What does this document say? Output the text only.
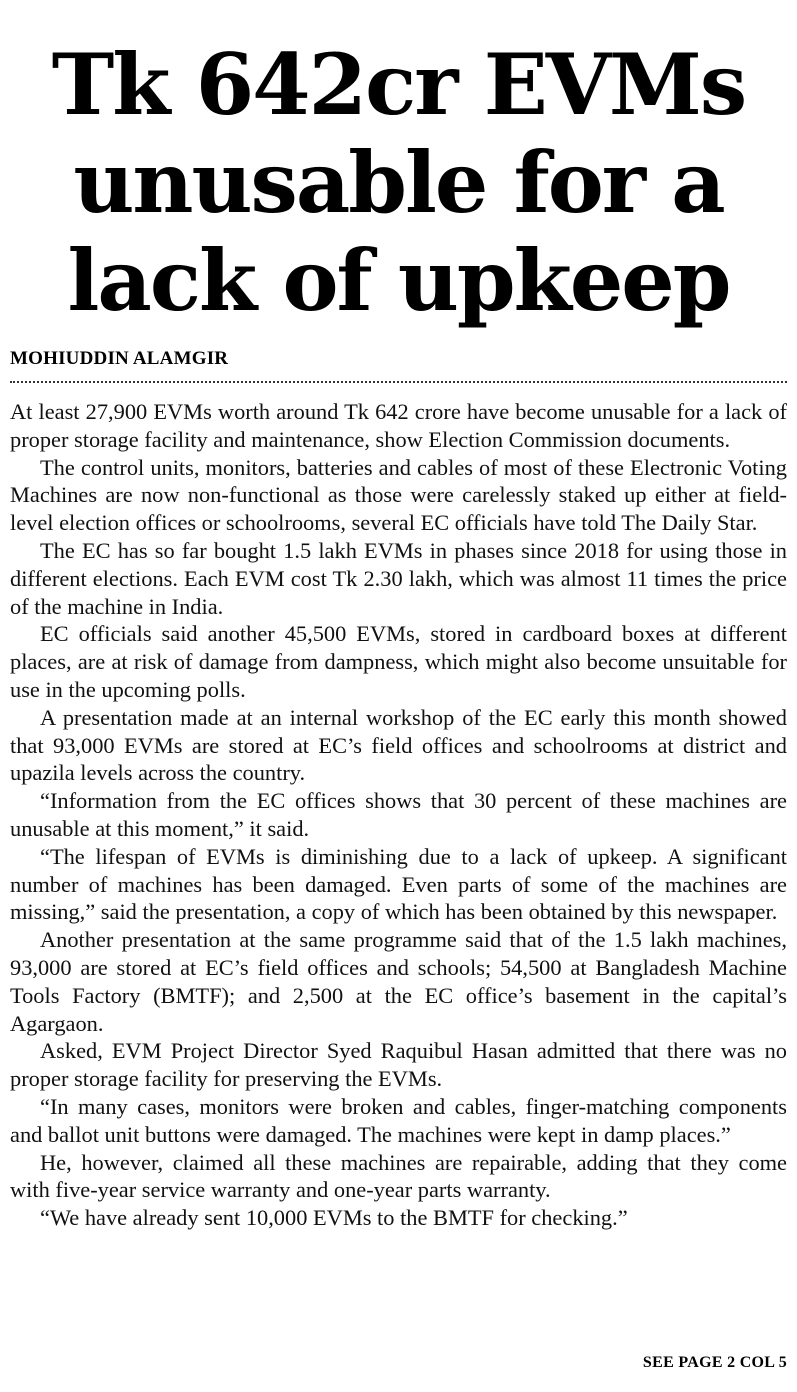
Tk 642cr EVMs unusable for a lack of upkeep
MOHIUDDIN ALAMGIR

At least 27,900 EVMs worth around Tk 642 crore have become unusable for a lack of proper storage facility and maintenance, show Election Commission documents.

The control units, monitors, batteries and cables of most of these Electronic Voting Machines are now non-functional as those were carelessly staked up either at field-level election offices or schoolrooms, several EC officials have told The Daily Star.

The EC has so far bought 1.5 lakh EVMs in phases since 2018 for using those in different elections. Each EVM cost Tk 2.30 lakh, which was almost 11 times the price of the machine in India.

EC officials said another 45,500 EVMs, stored in cardboard boxes at different places, are at risk of damage from dampness, which might also become unsuitable for use in the upcoming polls.

A presentation made at an internal workshop of the EC early this month showed that 93,000 EVMs are stored at EC’s field offices and schoolrooms at district and upazila levels across the country.

“Information from the EC offices shows that 30 percent of these machines are unusable at this moment,” it said.

“The lifespan of EVMs is diminishing due to a lack of upkeep. A significant number of machines has been damaged. Even parts of some of the machines are missing,” said the presentation, a copy of which has been obtained by this newspaper.

Another presentation at the same programme said that of the 1.5 lakh machines, 93,000 are stored at EC’s field offices and schools; 54,500 at Bangladesh Machine Tools Factory (BMTF); and 2,500 at the EC office’s basement in the capital’s Agargaon.

Asked, EVM Project Director Syed Raquibul Hasan admitted that there was no proper storage facility for preserving the EVMs.

“In many cases, monitors were broken and cables, finger-matching components and ballot unit buttons were damaged. The machines were kept in damp places.”

He, however, claimed all these machines are repairable, adding that they come with five-year service warranty and one-year parts warranty.

“We have already sent 10,000 EVMs to the BMTF for checking.”

SEE PAGE 2 COL 5
